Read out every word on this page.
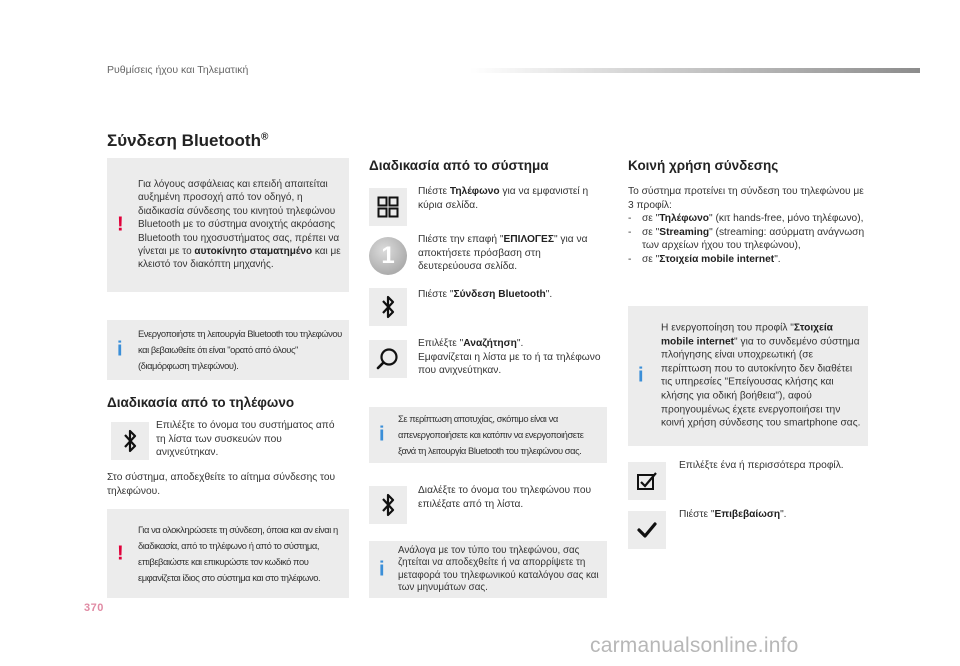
Ρυθμίσεις ήχου και Τηλεματική
Σύνδεση Bluetooth®
!
Για λόγους ασφάλειας και επειδή απαιτείται αυξημένη προσοχή από τον οδηγό, η διαδικασία σύνδεσης του κινητού τηλεφώνου Bluetooth με το σύστημα ανοιχτής ακρόασης Bluetooth του ηχοσυστήματος σας, πρέπει να γίνεται με το αυτοκίνητο σταματημένο και με κλειστό τον διακόπτη μηχανής.
i
Ενεργοποιήστε τη λειτουργία Bluetooth του τηλεφώνου και βεβαιωθείτε ότι είναι "ορατό από όλους" (διαμόρφωση τηλεφώνου).
Διαδικασία από το τηλέφωνο
Επιλέξτε το όνομα του συστήματος από τη λίστα των συσκευών που ανιχνεύτηκαν.
Στο σύστημα, αποδεχθείτε το αίτημα σύνδεσης του τηλεφώνου.
!
Για να ολοκληρώσετε τη σύνδεση, όποια και αν είναι η διαδικασία, από το τηλέφωνο ή από το σύστημα, επιβεβαιώστε και επικυρώστε τον κωδικό που εμφανίζεται ίδιος στο σύστημα και στο τηλέφωνο.
Διαδικασία από το σύστημα
Πιέστε Τηλέφωνο για να εμφανιστεί η κύρια σελίδα.
1
Πιέστε την επαφή "ΕΠΙΛΟΓΕΣ" για να αποκτήσετε πρόσβαση στη δευτερεύουσα σελίδα.
Πιέστε "Σύνδεση Bluetooth".
Επιλέξτε "Αναζήτηση".
Εμφανίζεται η λίστα με το ή τα τηλέφωνο που ανιχνεύτηκαν.
i
Σε περίπτωση αποτυχίας, σκόπιμο είναι να απενεργοποιήσετε και κατόπιν να ενεργοποιήσετε ξανά τη λειτουργία Bluetooth του τηλεφώνου σας.
Διαλέξτε το όνομα του τηλεφώνου που επιλέξατε από τη λίστα.
i
Ανάλογα με τον τύπο του τηλεφώνου, σας ζητείται να αποδεχθείτε ή να απορρίψετε τη μεταφορά του τηλεφωνικού καταλόγου σας και των μηνυμάτων σας.
Κοινή χρήση σύνδεσης
Το σύστημα προτείνει τη σύνδεση του τηλεφώνου με 3 προφίλ:
-	σε "Τηλέφωνο" (κιτ hands-free, μόνο τηλέφωνο),
-	σε "Streaming" (streaming: ασύρματη ανάγνωση των αρχείων ήχου του τηλεφώνου),
-	σε "Στοιχεία mobile internet".
i
Η ενεργοποίηση του προφίλ "Στοιχεία mobile internet" για το συνδεμένο σύστημα πλοήγησης είναι υποχρεωτική (σε περίπτωση που το αυτοκίνητο δεν διαθέτει τις υπηρεσίες "Επείγουσας κλήσης και κλήσης για οδική βοήθεια"), αφού προηγουμένως έχετε ενεργοποιήσει την κοινή χρήση σύνδεσης του smartphone σας.
Επιλέξτε ένα ή περισσότερα προφίλ.
Πιέστε "Επιβεβαίωση".
370
carmanualsonline.info
